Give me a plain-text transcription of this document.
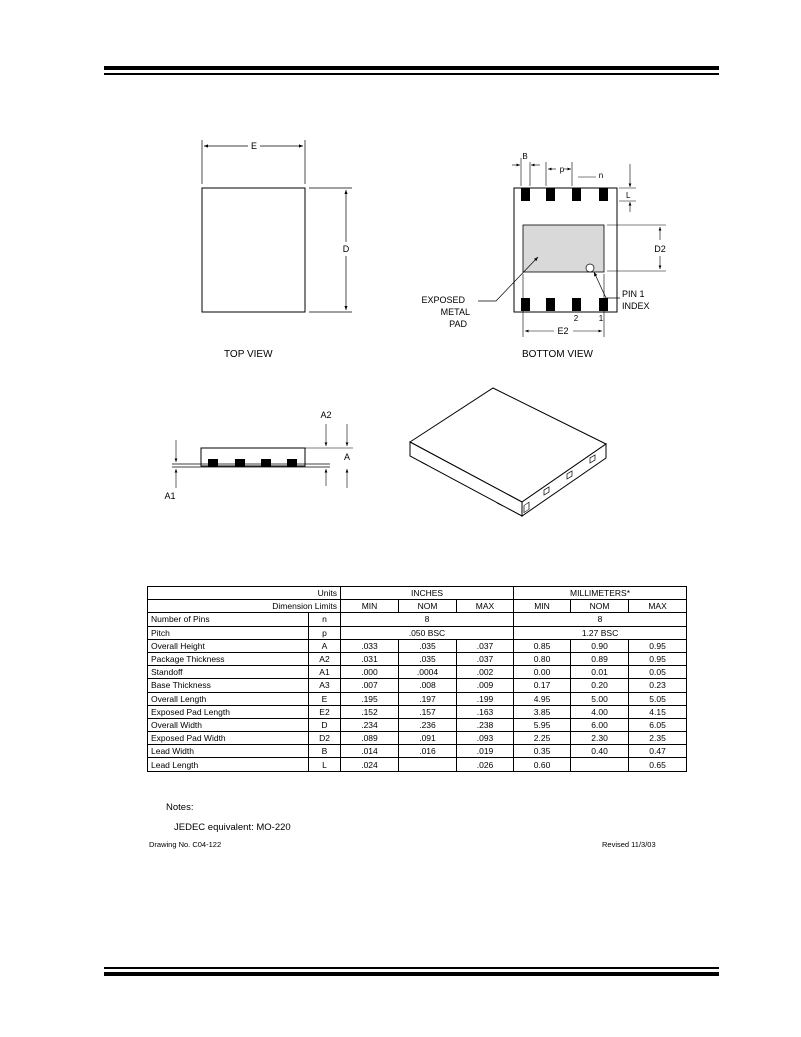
E
D
B
p
n
L
D2
E2
2	1
EXPOSED
METAL
PAD
PIN 1
INDEX
A2
A
A1
TOP VIEW	BOTTOM VIEW
Units		INCHES			MILLIMETERS*		
Dimension Limits		MIN	NOM	MAX	MIN	NOM	MAX
Number of Pins	n	8			8		
Pitch	p	.050 BSC			1.27 BSC		
Overall Height	A	.033	.035	.037	0.85	0.90	0.95
Package Thickness	A2	.031	.035	.037	0.80	0.89	0.95
Standoff	A1	.000	.0004	.002	0.00	0.01	0.05
Base Thickness	A3	.007	.008	.009	0.17	0.20	0.23
Overall Length	E	.195	.197	.199	4.95	5.00	5.05
Exposed Pad Length	E2	.152	.157	.163	3.85	4.00	4.15
Overall Width	D	.234	.236	.238	5.95	6.00	6.05
Exposed Pad Width	D2	.089	.091	.093	2.25	2.30	2.35
Lead Width	B	.014	.016	.019	0.35	0.40	0.47
Lead Length	L	.024		.026	0.60		0.65
Notes:
JEDEC equivalent: MO-220
Drawing No. C04-122	Revised 11/3/03
